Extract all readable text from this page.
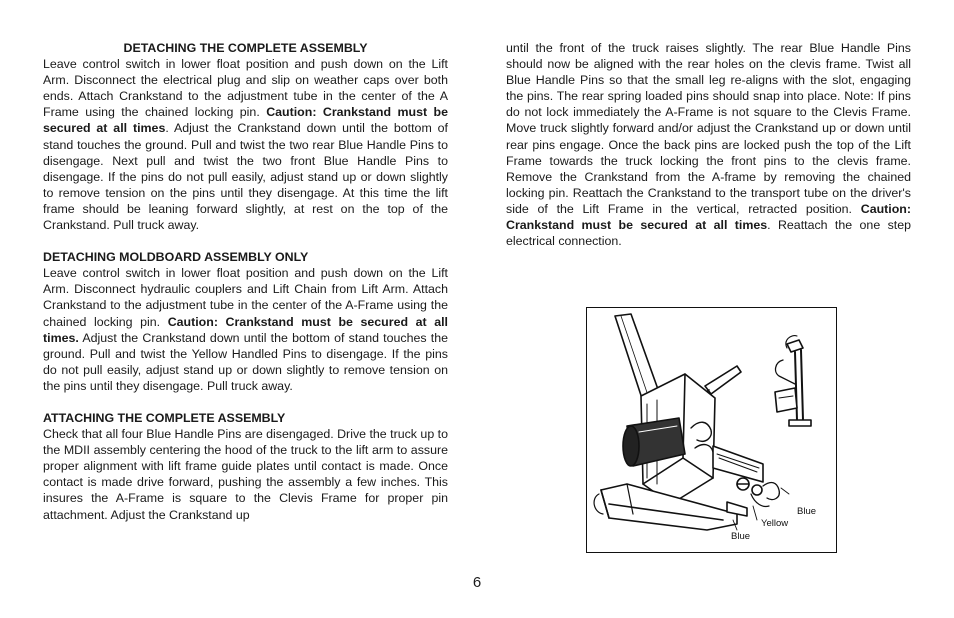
DETACHING THE COMPLETE ASSEMBLY

Leave control switch in lower float position and push down on the Lift Arm. Disconnect the electrical plug and slip on weather caps over both ends. Attach Crankstand to the adjustment tube in the center of the A Frame using the chained locking pin. Caution: Crankstand must be secured at all times. Adjust the Crankstand down until the bottom of stand touches the ground. Pull and twist the two rear Blue Handle Pins to disengage. Next pull and twist the two front Blue Handle Pins to disengage. If the pins do not pull easily, adjust stand up or down slightly to remove tension on the pins until they disengage. At this time the lift frame should be leaning forward slightly, at rest on the top of the Crankstand. Pull truck away.

DETACHING MOLDBOARD ASSEMBLY ONLY

Leave control switch in lower float position and push down on the Lift Arm. Disconnect hydraulic couplers and Lift Chain from Lift Arm. Attach Crankstand to the adjustment tube in the center of the A-Frame using the chained locking pin. Caution: Crankstand must be secured at all times. Adjust the Crankstand down until the bottom of stand touches the ground. Pull and twist the Yellow Handled Pins to disengage. If the pins do not pull easily, adjust stand up or down slightly to remove tension on the pins until they disengage. Pull truck away.

ATTACHING THE COMPLETE ASSEMBLY

Check that all four Blue Handle Pins are disengaged. Drive the truck up to the MDII assembly centering the hood of the truck to the lift arm to assure proper alignment with lift frame guide plates until contact is made. Once contact is made drive forward, pushing the assembly a few inches. This insures the A-Frame is square to the Clevis Frame for proper pin attachment. Adjust the Crankstand up

until the front of the truck raises slightly. The rear Blue Handle Pins should now be aligned with the rear holes on the clevis frame. Twist all Blue Handle Pins so that the small leg re-aligns with the slot, engaging the pins. The rear spring loaded pins should snap into place. Note: If pins do not lock immediately the A-Frame is not square to the Clevis Frame. Move truck slightly forward and/or adjust the Crankstand up or down until rear pins engage. Once the back pins are locked push the top of the Lift Frame towards the truck locking the front pins to the clevis frame. Remove the Crankstand from the A-frame by removing the chained locking pin. Reattach the Crankstand to the transport tube on the driver's side of the Lift Frame in the vertical, retracted position. Caution: Crankstand must be secured at all times. Reattach the one step electrical connection.

Blue
Yellow
Blue
6
